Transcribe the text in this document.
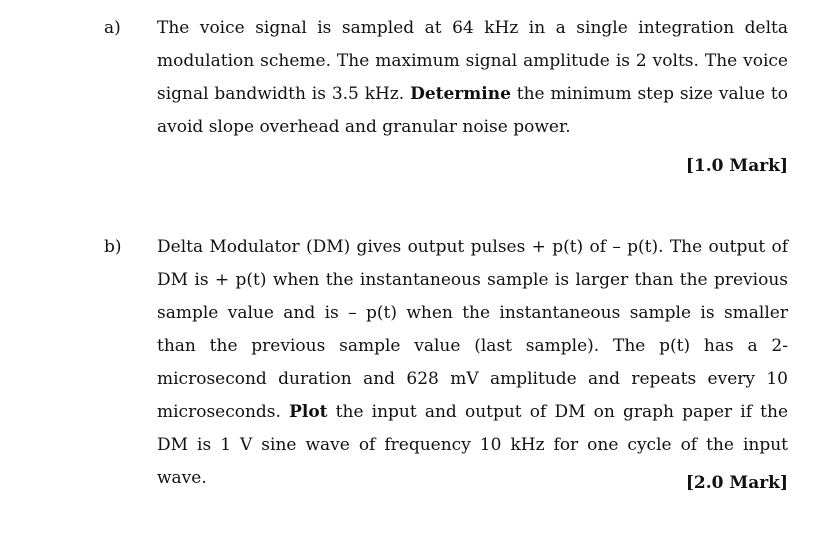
a) The voice signal is sampled at 64 kHz in a single integration delta modulation scheme. The maximum signal amplitude is 2 volts. The voice signal bandwidth is 3.5 kHz. Determine the minimum step size value to avoid slope overhead and granular noise power.
[1.0 Mark]
b) Delta Modulator (DM) gives output pulses + p(t) of – p(t). The output of DM is + p(t) when the instantaneous sample is larger than the previous sample value and is – p(t) when the instantaneous sample is smaller than the previous sample value (last sample). The p(t) has a 2-microsecond duration and 628 mV amplitude and repeats every 10 microseconds. Plot the input and output of DM on graph paper if the DM is 1 V sine wave of frequency 10 kHz for one cycle of the input wave.	[2.0 Mark]
